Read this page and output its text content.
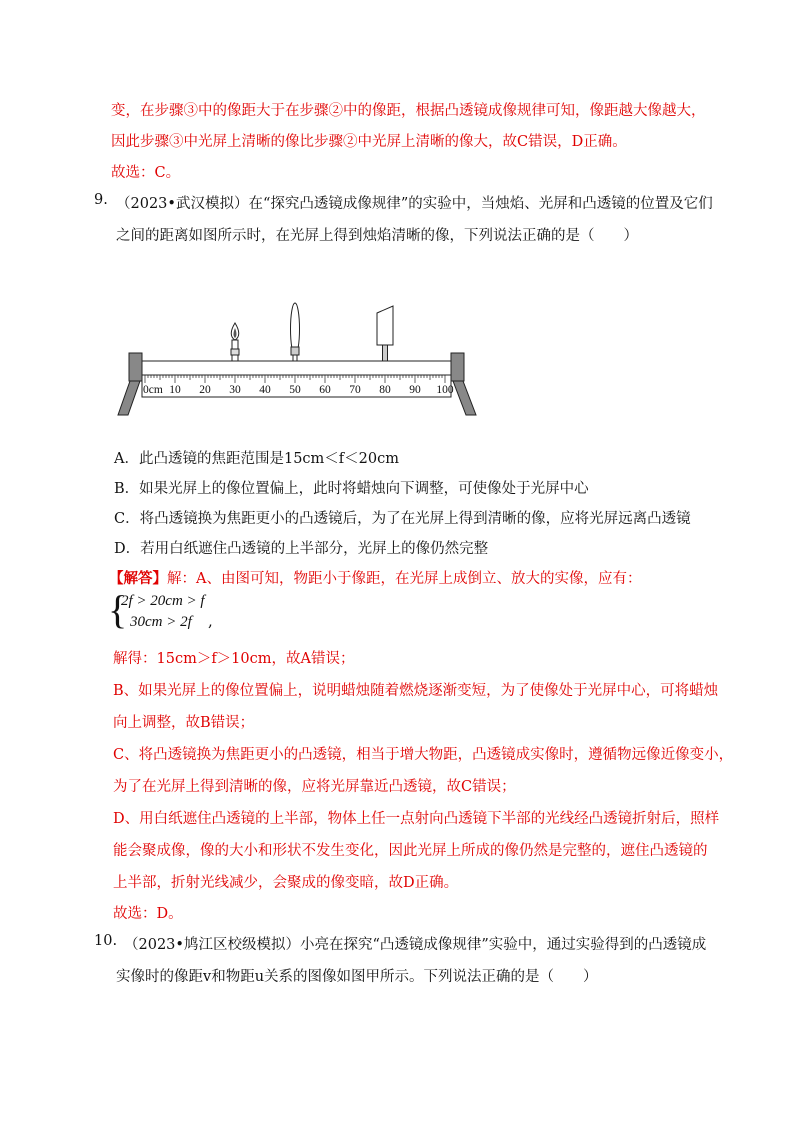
变，在步骤③中的像距大于在步骤②中的像距，根据凸透镜成像规律可知，像距越大像越大，
因此步骤③中光屏上清晰的像比步骤②中光屏上清晰的像大，故C错误，D正确。
故选：C。
9. （2023•武汉模拟）在“探究凸透镜成像规律”的实验中，当烛焰、光屏和凸透镜的位置及它们
之间的距离如图所示时，在光屏上得到烛焰清晰的像，下列说法正确的是（　　）
0cm 10 20 30 40 50 60 70 80 90 100
A．此凸透镜的焦距范围是15cm＜f＜20cm
B．如果光屏上的像位置偏上，此时将蜡烛向下调整，可使像处于光屏中心
C．将凸透镜换为焦距更小的凸透镜后，为了在光屏上得到清晰的像，应将光屏远离凸透镜
D．若用白纸遮住凸透镜的上半部分，光屏上的像仍然完整
【解答】解：A、由图可知，物距小于像距，在光屏上成倒立、放大的实像，应有：
{
2f > 20cm > f
30cm > 2f ,
解得：15cm＞f＞10cm，故A错误；
B、如果光屏上的像位置偏上，说明蜡烛随着燃烧逐渐变短，为了使像处于光屏中心，可将蜡烛
向上调整，故B错误；
C、将凸透镜换为焦距更小的凸透镜，相当于增大物距，凸透镜成实像时，遵循物远像近像变小，
为了在光屏上得到清晰的像，应将光屏靠近凸透镜，故C错误；
D、用白纸遮住凸透镜的上半部，物体上任一点射向凸透镜下半部的光线经凸透镜折射后，照样
能会聚成像，像的大小和形状不发生变化，因此光屏上所成的像仍然是完整的，遮住凸透镜的
上半部，折射光线减少，会聚成的像变暗，故D正确。
故选：D。
10. （2023•鸠江区校级模拟）小亮在探究“凸透镜成像规律”实验中，通过实验得到的凸透镜成
实像时的像距v和物距u关系的图像如图甲所示。下列说法正确的是（　　）
